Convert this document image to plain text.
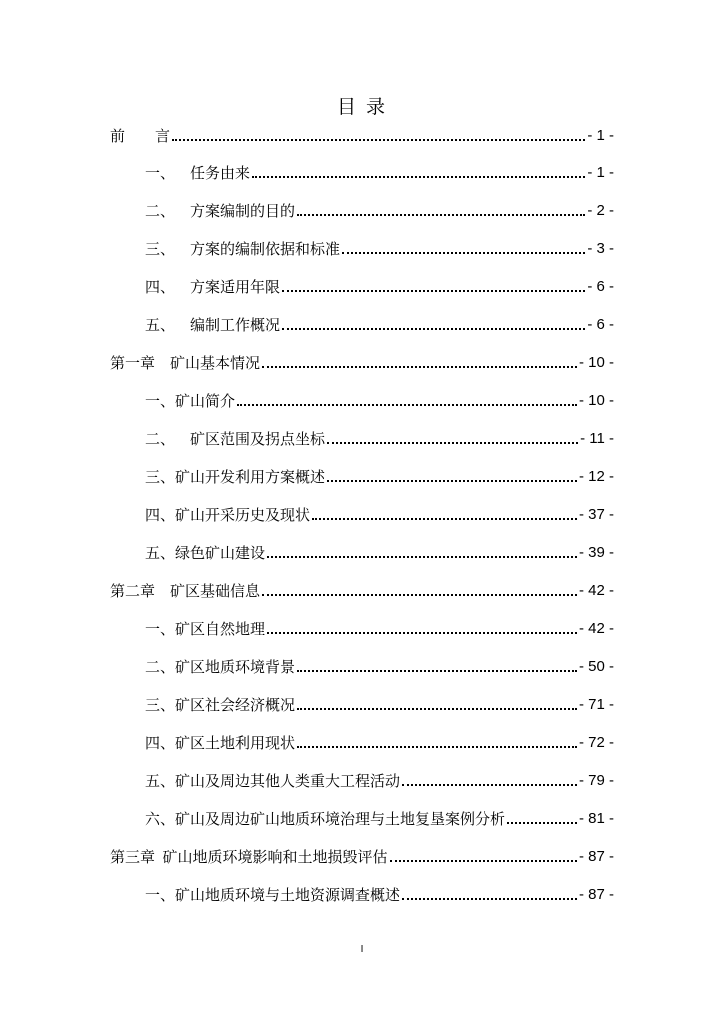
目 录
前	言	- 1 -
一、	任务由来	- 1 -
二、	方案编制的目的	- 2 -
三、	方案的编制依据和标准	- 3 -
四、	方案适用年限	- 6 -
五、	编制工作概况	- 6 -
第一章	矿山基本情况	- 10 -
一、 矿山简介	- 10 -
二、	矿区范围及拐点坐标	- 11 -
三、 矿山开发利用方案概述	- 12 -
四、 矿山开采历史及现状	- 37 -
五、 绿色矿山建设	- 39 -
第二章	矿区基础信息	- 42 -
一、 矿区自然地理	- 42 -
二、 矿区地质环境背景	- 50 -
三、 矿区社会经济概况	- 71 -
四、 矿区土地利用现状	- 72 -
五、 矿山及周边其他人类重大工程活动	- 79 -
六、 矿山及周边矿山地质环境治理与土地复垦案例分析	- 81 -
第三章 矿山地质环境影响和土地损毁评估	- 87 -
一、 矿山地质环境与土地资源调查概述	- 87 -
I
